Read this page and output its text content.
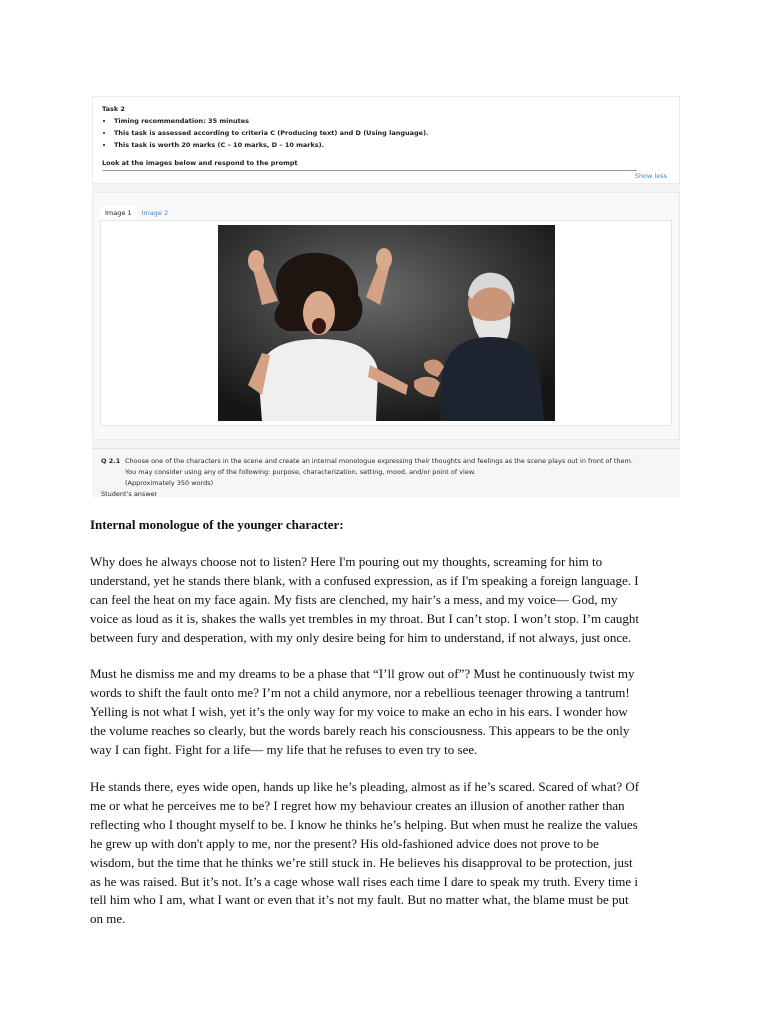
Task 2
• Timing recommendation: 35 minutes
• This task is assessed according to criteria C (Producing text) and D (Using language).
• This task is worth 20 marks (C – 10 marks, D – 10 marks).
Look at the images below and respond to the prompt
Show less
Image 1 Image 2
Q 2.1 Choose one of the characters in the scene and create an internal monologue expressing their thoughts and feelings as the scene plays out in front of them.
You may consider using any of the following: purpose, characterization, setting, mood, and/or point of view.
(Approximately 350 words)
Student's answer
Internal monologue of the younger character:

Why does he always choose not to listen? Here I'm pouring out my thoughts, screaming for him to
understand, yet he stands there blank, with a confused expression, as if I'm speaking a foreign language. I
can feel the heat on my face again. My fists are clenched, my hair’s a mess, and my voice— God, my
voice as loud as it is, shakes the walls yet trembles in my throat. But I can’t stop. I won’t stop. I’m caught
between fury and desperation, with my only desire being for him to understand, if not always, just once.

Must he dismiss me and my dreams to be a phase that “I’ll grow out of”? Must he continuously twist my
words to shift the fault onto me? I’m not a child anymore, nor a rebellious teenager throwing a tantrum!
Yelling is not what I wish, yet it’s the only way for my voice to make an echo in his ears. I wonder how
the volume reaches so clearly, but the words barely reach his consciousness. This appears to be the only
way I can fight. Fight for a life— my life that he refuses to even try to see.

He stands there, eyes wide open, hands up like he’s pleading, almost as if he’s scared. Scared of what? Of
me or what he perceives me to be? I regret how my behaviour creates an illusion of another rather than
reflecting who I thought myself to be. I know he thinks he’s helping. But when must he realize the values
he grew up with don't apply to me, nor the present? His old-fashioned advice does not prove to be
wisdom, but the time that he thinks we’re still stuck in. He believes his disapproval to be protection, just
as he was raised. But it’s not. It’s a cage whose wall rises each time I dare to speak my truth. Every time i
tell him who I am, what I want or even that it’s not my fault. But no matter what, the blame must be put
on me.
